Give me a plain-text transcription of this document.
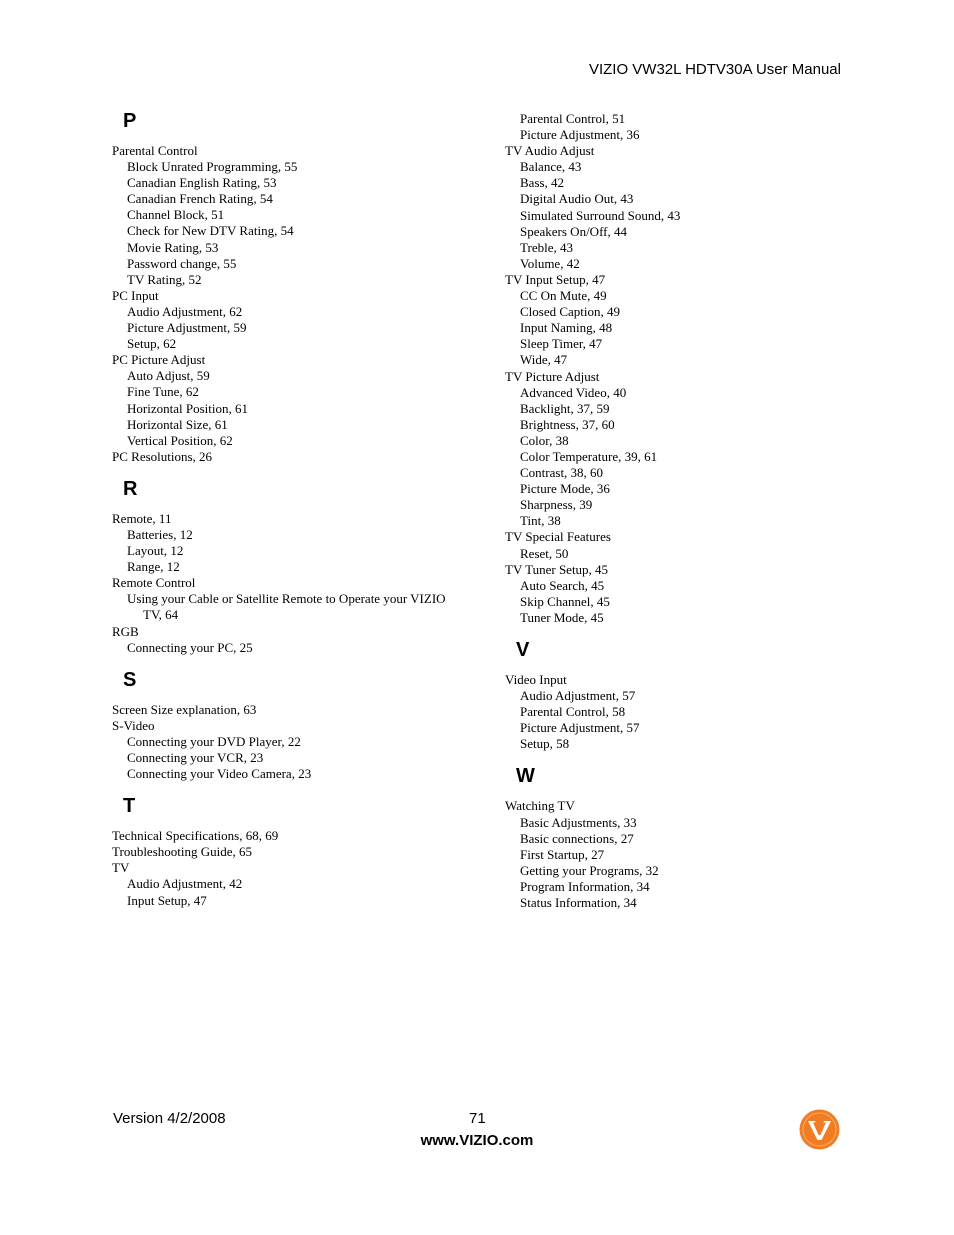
VIZIO VW32L HDTV30A User Manual
P
Parental Control
Block Unrated Programming, 55
Canadian English Rating, 53
Canadian French Rating, 54
Channel Block, 51
Check for New DTV Rating, 54
Movie Rating, 53
Password change, 55
TV Rating, 52
PC Input
Audio Adjustment, 62
Picture Adjustment, 59
Setup, 62
PC Picture Adjust
Auto Adjust, 59
Fine Tune, 62
Horizontal Position, 61
Horizontal Size, 61
Vertical Position, 62
PC Resolutions, 26
R
Remote, 11
Batteries, 12
Layout, 12
Range, 12
Remote Control
Using your Cable or Satellite Remote to Operate your VIZIO TV, 64
RGB
Connecting your PC, 25
S
Screen Size explanation, 63
S-Video
Connecting your DVD Player, 22
Connecting your VCR, 23
Connecting your Video Camera, 23
T
Technical Specifications, 68, 69
Troubleshooting Guide, 65
TV
Audio Adjustment, 42
Input Setup, 47
Parental Control, 51
Picture Adjustment, 36
TV Audio Adjust
Balance, 43
Bass, 42
Digital Audio Out, 43
Simulated Surround Sound, 43
Speakers On/Off, 44
Treble, 43
Volume, 42
TV Input Setup, 47
CC On Mute, 49
Closed Caption, 49
Input Naming, 48
Sleep Timer, 47
Wide, 47
TV Picture Adjust
Advanced Video, 40
Backlight, 37, 59
Brightness, 37, 60
Color, 38
Color Temperature, 39, 61
Contrast, 38, 60
Picture Mode, 36
Sharpness, 39
Tint, 38
TV Special Features
Reset, 50
TV Tuner Setup, 45
Auto Search, 45
Skip Channel, 45
Tuner Mode, 45
V
Video Input
Audio Adjustment, 57
Parental Control, 58
Picture Adjustment, 57
Setup, 58
W
Watching TV
Basic Adjustments, 33
Basic connections, 27
First Startup, 27
Getting your Programs, 32
Program Information, 34
Status Information, 34
Version 4/2/2008	71
www.VIZIO.com
